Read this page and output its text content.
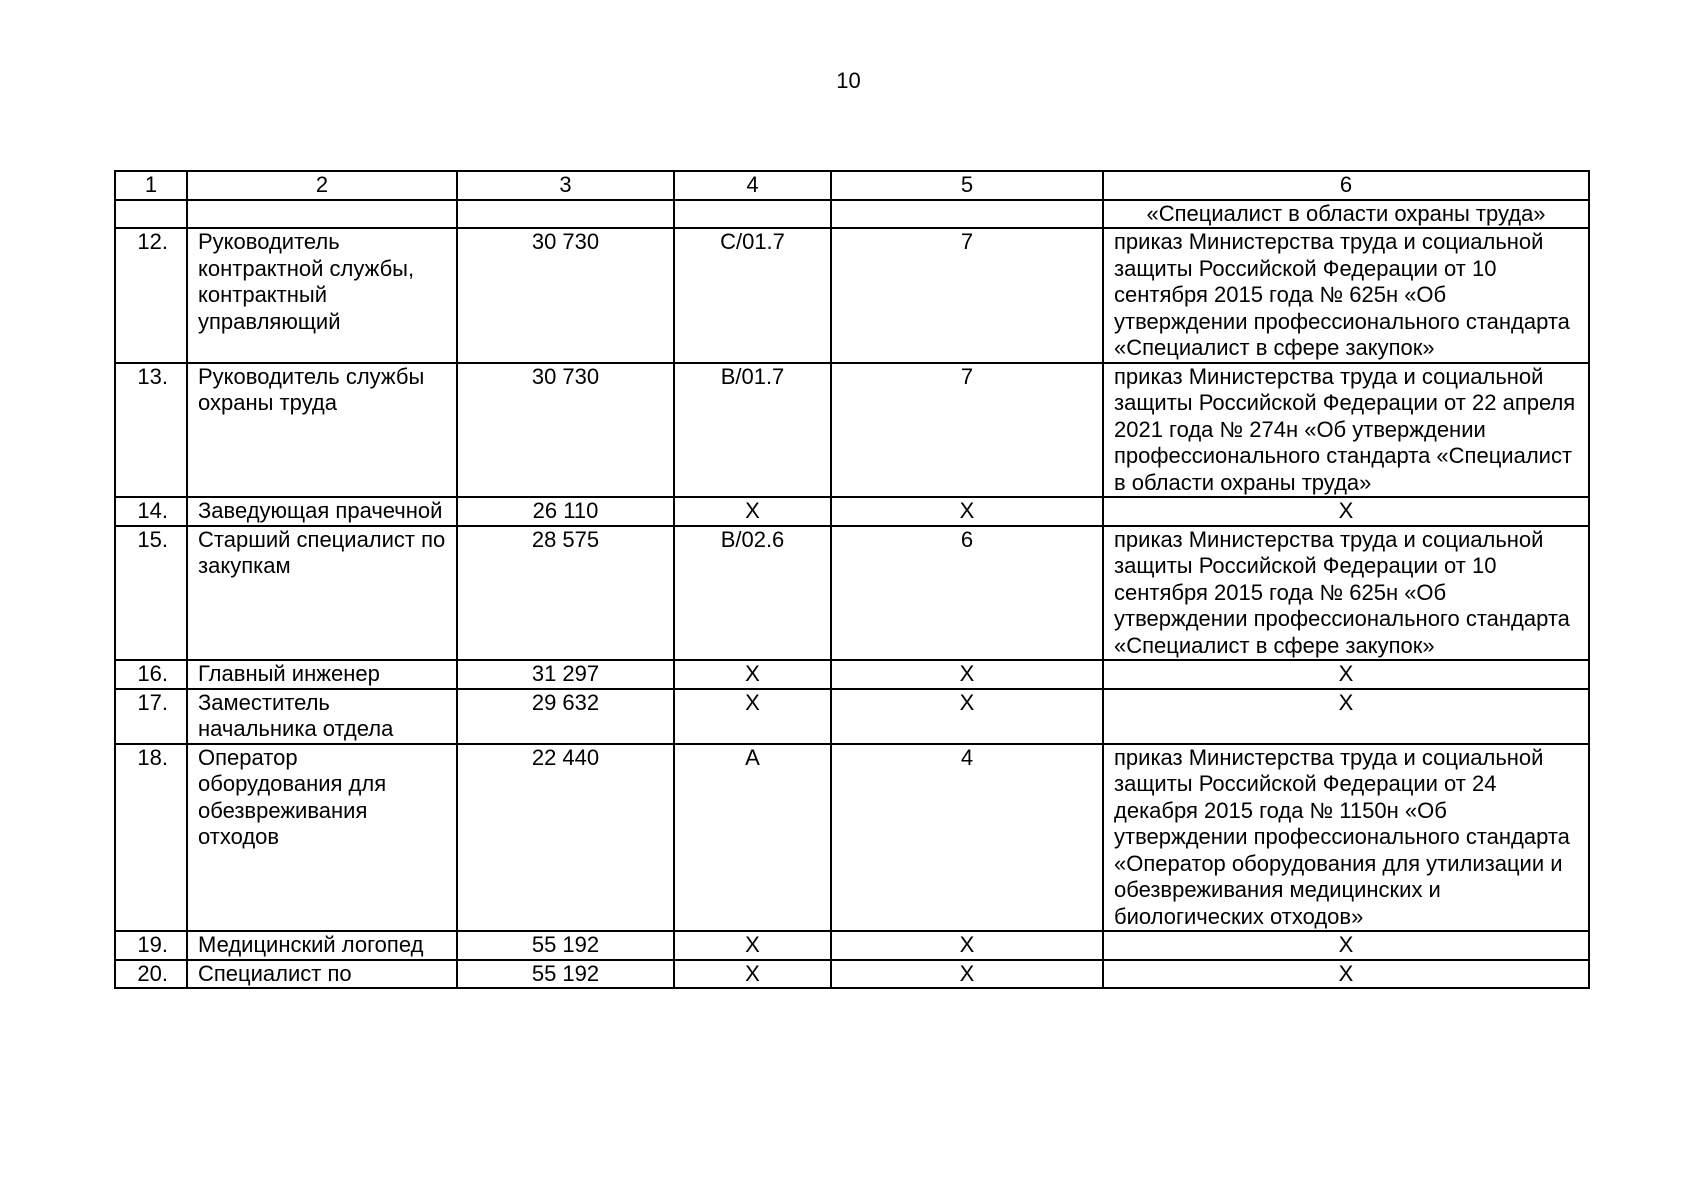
10
1	2	3	4	5	6
					«Специалист в области охраны труда»
12.	Руководитель контрактной службы, контрактный управляющий	30 730	C/01.7	7	приказ Министерства труда и социальной защиты Российской Федерации от 10 сентября 2015 года № 625н «Об утверждении профессионального стандарта «Специалист в сфере закупок»
13.	Руководитель службы охраны труда	30 730	B/01.7	7	приказ Министерства труда и социальной защиты Российской Федерации от 22 апреля 2021 года № 274н «Об утверждении профессионального стандарта «Специалист в области охраны труда»
14.	Заведующая прачечной	26 110	Х	Х	Х
15.	Старший специалист по закупкам	28 575	B/02.6	6	приказ Министерства труда и социальной защиты Российской Федерации от 10 сентября 2015 года № 625н «Об утверждении профессионального стандарта «Специалист в сфере закупок»
16.	Главный инженер	31 297	Х	Х	Х
17.	Заместитель начальника отдела	29 632	Х	Х	Х
18.	Оператор оборудования для обезвреживания отходов	22 440	А	4	приказ Министерства труда и социальной защиты Российской Федерации от 24 декабря 2015 года № 1150н «Об утверждении профессионального стандарта «Оператор оборудования для утилизации и обезвреживания медицинских и биологических отходов»
19.	Медицинский логопед	55 192	Х	Х	Х
20.	Специалист по	55 192	Х	Х	Х
